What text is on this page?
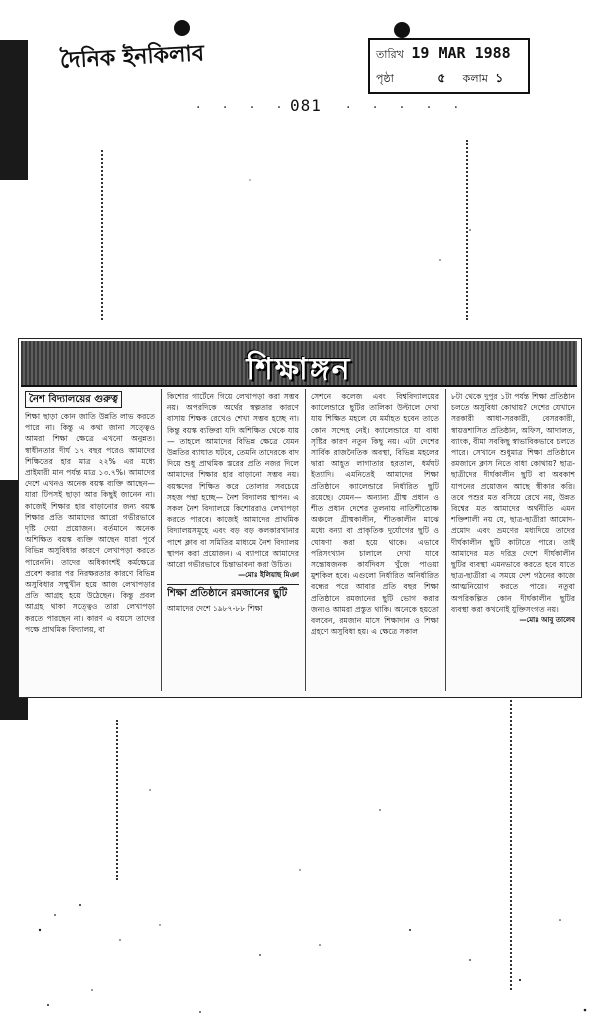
দৈনিক ইনকিলাব	তারিখ 19 MAR 1988
পৃষ্ঠা	৫ কলাম ১
081
· · · ·	· · · · ·
শিক্ষাঙ্গন
নৈশ বিদ্যালয়ের গুরুত্ব
শিক্ষা ছাড়া কোন জাতি উন্নতি লাভ করতে পারে না। কিন্তু এ কথা জানা সত্ত্বেও আমরা শিক্ষা ক্ষেত্রে এখনো অনুন্নত। স্বাধীনতার দীর্ঘ ১৭ বছর পরেও আমাদের শিক্ষিতের হার মাত্র ২২% এর মধ্যে প্রাইমারী মান পর্যন্ত মাত্র ১৩.৭%। আমাদের দেশে এখনও অনেক বয়স্ক ব্যক্তি আছেন— যারা টিপসই ছাড়া আর কিছুই জানেন না। কাজেই শিক্ষার হার বাড়ানোর জন্য বয়স্ক শিক্ষার প্রতি আমাদের আরো গভীরভাবে দৃষ্টি দেয়া প্রয়োজন। বর্তমানে অনেক অশিক্ষিত বয়স্ক ব্যক্তি আছেন যারা পূর্বে বিভিন্ন অসুবিধার কারণে লেখাপড়া করতে পারেননি। তাদের অধিকাংশই কর্মক্ষেত্রে প্রবেশ করার পর নিরক্ষরতার কারণে বিভিন্ন অসুবিধার সম্মুখীন হয়ে আজ লেখাপড়ার প্রতি আগ্রহ হয়ে উঠেছেন। কিন্তু প্রবল আগ্রহ থাকা সত্ত্বেও তারা লেখাপড়া করতে পারছেন না। কারণ এ বয়সে তাদের পক্ষে প্রাথমিক বিদ্যালয়, বা
কিশোর গার্টেনে গিয়ে লেখাপড়া করা সম্ভব নয়। অপরদিকে অর্থের স্বল্পতার কারণে বাসায় শিক্ষক রেখেও শেখা সম্ভব হচ্ছে না। কিন্তু বয়স্ক ব্যক্তিরা যদি অশিক্ষিত থেকে যায়— তাহলে আমাদের বিভিন্ন ক্ষেত্রে যেমন উন্নতির ব্যাঘাত ঘটবে, তেমনি তাদেরকে বাদ দিয়ে শুধু প্রাথমিক স্তরের প্রতি নজর দিলে আমাদের শিক্ষার হার বাড়ানো সম্ভব নয়। বয়স্কদের শিক্ষিত করে তোলার সবচেয়ে সহজ পন্থা হচ্ছে— নৈশ বিদ্যালয় স্থাপন। এ সকল নৈশ বিদ্যালয়ে কিশোররাও লেখাপড়া করতে পারবে। কাজেই আমাদের প্রাথমিক বিদ্যালয়সমূহে এবং বড় বড় কলকারখানার পাশে ক্লাব বা সমিতির মাধ্যমে নৈশ বিদ্যালয় স্থাপন করা প্রয়োজন। এ ব্যাপারে আমাদের আরো গভীরভাবে চিন্তাভাবনা করা উচিত।
—মোঃ ইলিয়াছ মিঞা
শিক্ষা প্রতিষ্ঠানে রমজানের ছুটি
আমাদের দেশে ১৯৮৭-৮৮ শিক্ষা
সেশনে কলেজ এবং বিশ্ববিদ্যালয়ের ক্যালেন্ডারে ছুটির তালিকা উল্টালে দেখা যায় শিক্ষিত মহলে যে মর্মাহত হবেন তাতে কোন সন্দেহ নেই। ক্যালেন্ডারে যা বাধা সৃষ্টির কারণ নতুন কিছু নয়। এটা দেশের সার্বিক রাজনৈতিক অবস্থা, বিভিন্ন মহলের দ্বারা আহূত লাগাতার হরতাল, ধর্মঘট ইত্যাদি। এমনিতেই আমাদের শিক্ষা প্রতিষ্ঠানে ক্যালেন্ডারে নির্ধারিত ছুটি রয়েছে। যেমন— অন্যান্য গ্রীষ্ম প্রধান ও শীত প্রধান দেশের তুলনায় নাতিশীতোষ্ণ অঞ্চলে গ্রীষ্মকালীন, শীতকালীন মাঝে মধ্যে বন্যা বা প্রাকৃতিক দুর্যোগের ছুটি ও ঘোষণা করা হয়ে থাকে। এভাবে পরিসংখ্যান চালালে দেখা যাবে সন্তোষজনক কার্যদিবস খুঁজে পাওয়া মুশকিল হবে। এগুলো নির্ধারিত অনির্ধারিত বন্ধের পরে আবার প্রতি বছর শিক্ষা প্রতিষ্ঠানে রমজানের ছুটি ভোগ করার জন্যও আমরা প্রস্তুত থাকি। অনেকে হয়তো বলবেন, রমজান মাসে শিক্ষাদান ও শিক্ষা গ্রহণে অসুবিধা হয়। এ ক্ষেত্রে সকাল
৮টা থেকে দুপুর ১টা পর্যন্ত শিক্ষা প্রতিষ্ঠান চলতে অসুবিধা কোথায়? দেশের যেখানে সরকারী আধা-সরকারী, বেসরকারী, স্বায়ত্তশাসিত প্রতিষ্ঠান, অফিস, আদালত, ব্যাংক, বীমা সবকিছু স্বাভাবিকভাবে চলতে পারে। সেখানে শুধুমাত্র শিক্ষা প্রতিষ্ঠানে রমজানে ক্লাস নিতে বাধা কোথায়? ছাত্র-ছাত্রীদের দীর্ঘকালীন ছুটি বা অবকাশ যাপনের প্রয়োজন আছে স্বীকার করি। তবে পশুর মত বসিয়ে রেখে নয়, উন্নত বিশ্বের মত আমাদের অর্থনীতি এমন শক্তিশালী নয় যে, ছাত্র-ছাত্রীরা আমোদ-প্রমোদ এবং ভ্রমণের মধ্যদিয়ে তাদের দীর্ঘকালীন ছুটি কাটাতে পারে। তাই আমাদের মত দরিদ্র দেশে দীর্ঘকালীন ছুটির ব্যবস্থা এমনভাবে করতে হবে যাতে ছাত্র-ছাত্রীরা এ সময়ে দেশ গঠনের কাজে আত্মনিয়োগ করতে পারে। নতুবা অপরিকল্পিত কোন দীর্ঘকালীন ছুটির ব্যবস্থা করা কখনোই যুক্তিসংগত নয়।
—মোঃ আবু তালেব
